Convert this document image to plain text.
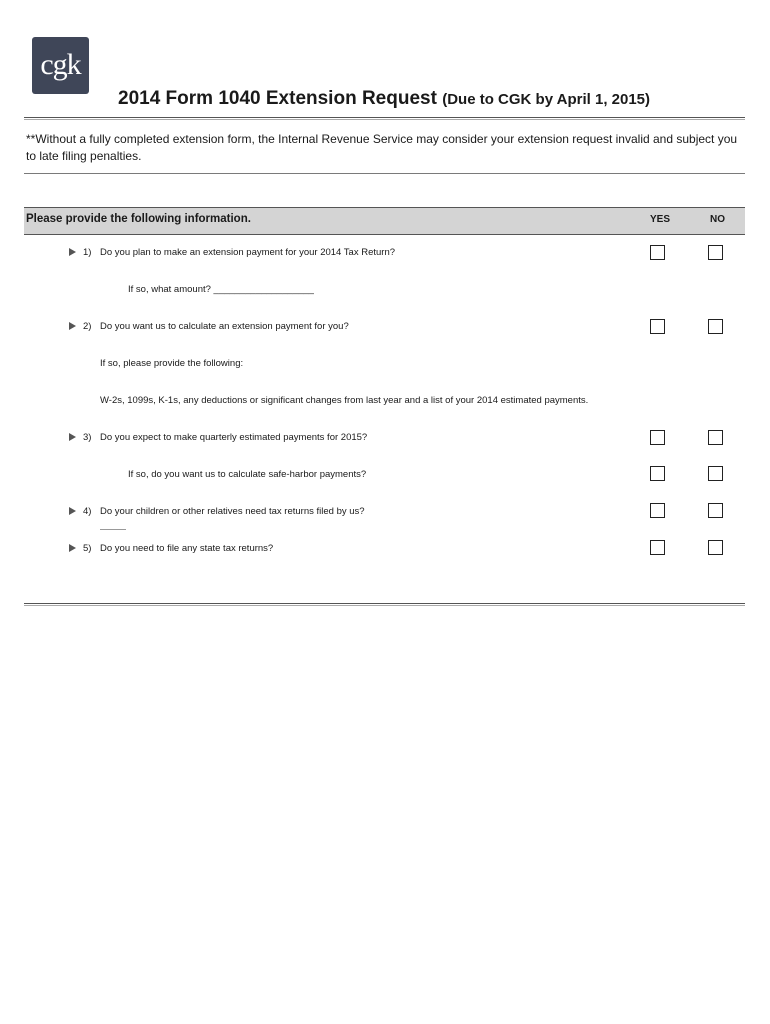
cgk
2014 Form 1040 Extension Request (Due to CGK by April 1, 2015)
**Without a fully completed extension form, the Internal Revenue Service may consider your extension request invalid and subject you to late filing penalties.
Please provide the following information.	YES	NO
1) Do you plan to make an extension payment for your 2014 Tax Return?
If so, what amount? ___________________
2) Do you want us to calculate an extension payment for you?
If so, please provide the following:
W-2s, 1099s, K-1s, any deductions or significant changes from last year and a list of your 2014 estimated payments.
3) Do you expect to make quarterly estimated payments for 2015?
If so, do you want us to calculate safe-harbor payments?
4) Do your children or other relatives need tax returns filed by us?
5) Do you need to file any state tax returns?
